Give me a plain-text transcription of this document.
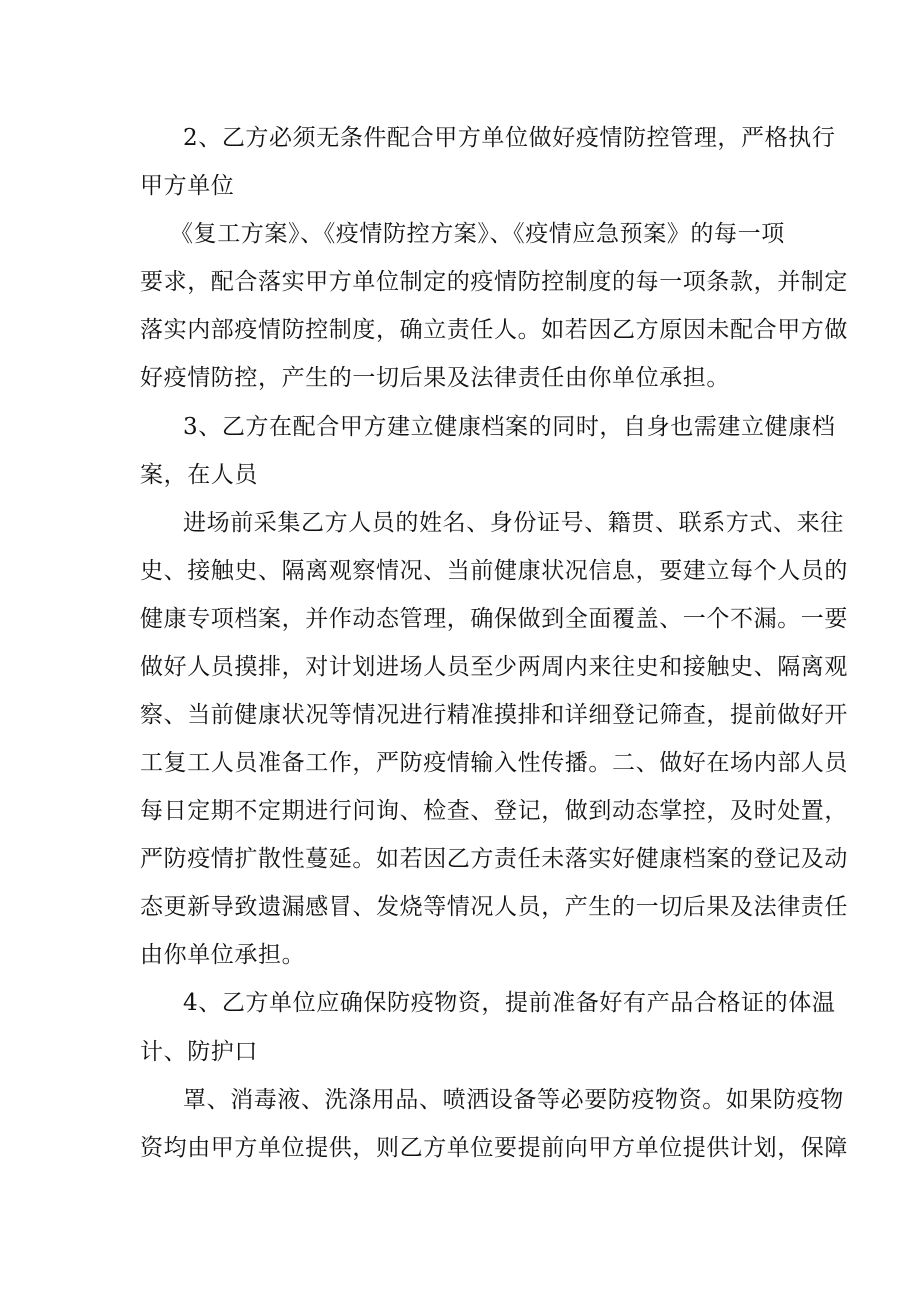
2、乙方必须无条件配合甲方单位做好疫情防控管理，严格执行
甲方单位
《复工方案》、《疫情防控方案》、《疫情应急预案》的每一项
要求，配合落实甲方单位制定的疫情防控制度的每一项条款，并制定
落实内部疫情防控制度，确立责任人。如若因乙方原因未配合甲方做
好疫情防控，产生的一切后果及法律责任由你单位承担。
3、乙方在配合甲方建立健康档案的同时，自身也需建立健康档
案，在人员
进场前采集乙方人员的姓名、身份证号、籍贯、联系方式、来往
史、接触史、隔离观察情况、当前健康状况信息，要建立每个人员的
健康专项档案，并作动态管理，确保做到全面覆盖、一个不漏。一要
做好人员摸排，对计划进场人员至少两周内来往史和接触史、隔离观
察、当前健康状况等情况进行精准摸排和详细登记筛查，提前做好开
工复工人员准备工作，严防疫情输入性传播。二、做好在场内部人员
每日定期不定期进行问询、检查、登记，做到动态掌控，及时处置，
严防疫情扩散性蔓延。如若因乙方责任未落实好健康档案的登记及动
态更新导致遗漏感冒、发烧等情况人员，产生的一切后果及法律责任
由你单位承担。
4、乙方单位应确保防疫物资，提前准备好有产品合格证的体温
计、防护口
罩、消毒液、洗涤用品、喷洒设备等必要防疫物资。如果防疫物
资均由甲方单位提供，则乙方单位要提前向甲方单位提供计划，保障
